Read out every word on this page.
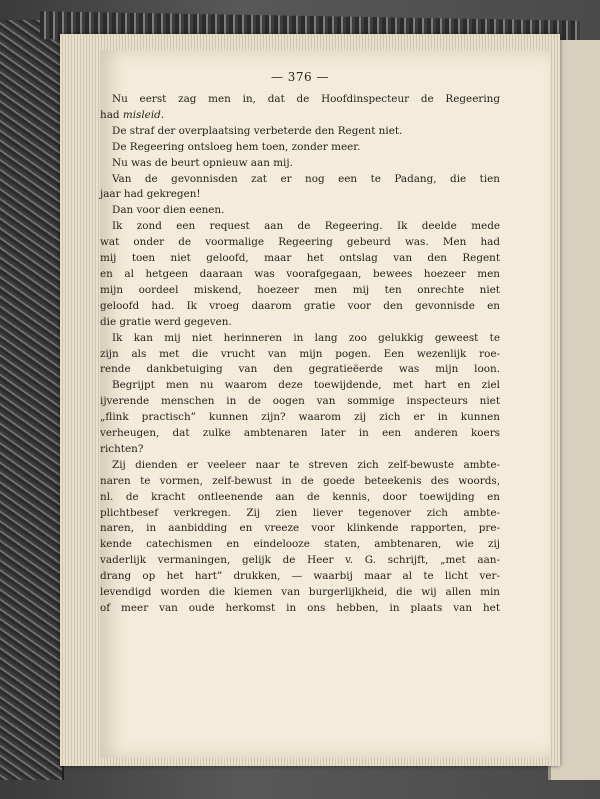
— 376 —
Nu eerst zag men in, dat de Hoofdinspecteur de Regeering
had misleid.
De straf der overplaatsing verbeterde den Regent niet.
De Regeering ontsloeg hem toen, zonder meer.
Nu was de beurt opnieuw aan mij.
Van de gevonnisden zat er nog een te Padang, die tien
jaar had gekregen!
Dan voor dien eenen.
Ik zond een request aan de Regeering. Ik deelde mede
wat onder de voormalige Regeering gebeurd was. Men had
mij toen niet geloofd, maar het ontslag van den Regent
en al hetgeen daaraan was voorafgegaan, bewees hoezeer men
mijn oordeel miskend, hoezeer men mij ten onrechte niet
geloofd had. Ik vroeg daarom gratie voor den gevonnisde en
die gratie werd gegeven.
Ik kan mij niet herinneren in lang zoo gelukkig geweest te
zijn als met die vrucht van mijn pogen. Een wezenlijk roe-
rende dankbetuiging van den gegratieëerde was mijn loon.
Begrijpt men nu waarom deze toewijdende, met hart en ziel
ijverende menschen in de oogen van sommige inspecteurs niet
„flink practisch” kunnen zijn? waarom zij zich er in kunnen
verheugen, dat zulke ambtenaren later in een anderen koers
richten?
Zij dienden er veeleer naar te streven zich zelf-bewuste ambte-
naren te vormen, zelf-bewust in de goede beteekenis des woords,
nl. de kracht ontleenende aan de kennis, door toewijding en
plichtbesef verkregen. Zij zien liever tegenover zich ambte-
naren, in aanbidding en vreeze voor klinkende rapporten, pre-
kende catechismen en eindelooze staten, ambtenaren, wie zij
vaderlijk vermaningen, gelijk de Heer v. G. schrijft, „met aan-
drang op het hart” drukken, — waarbij maar al te licht ver-
levendigd worden die kiemen van burgerlijkheid, die wij allen min
of meer van oude herkomst in ons hebben, in plaats van het
